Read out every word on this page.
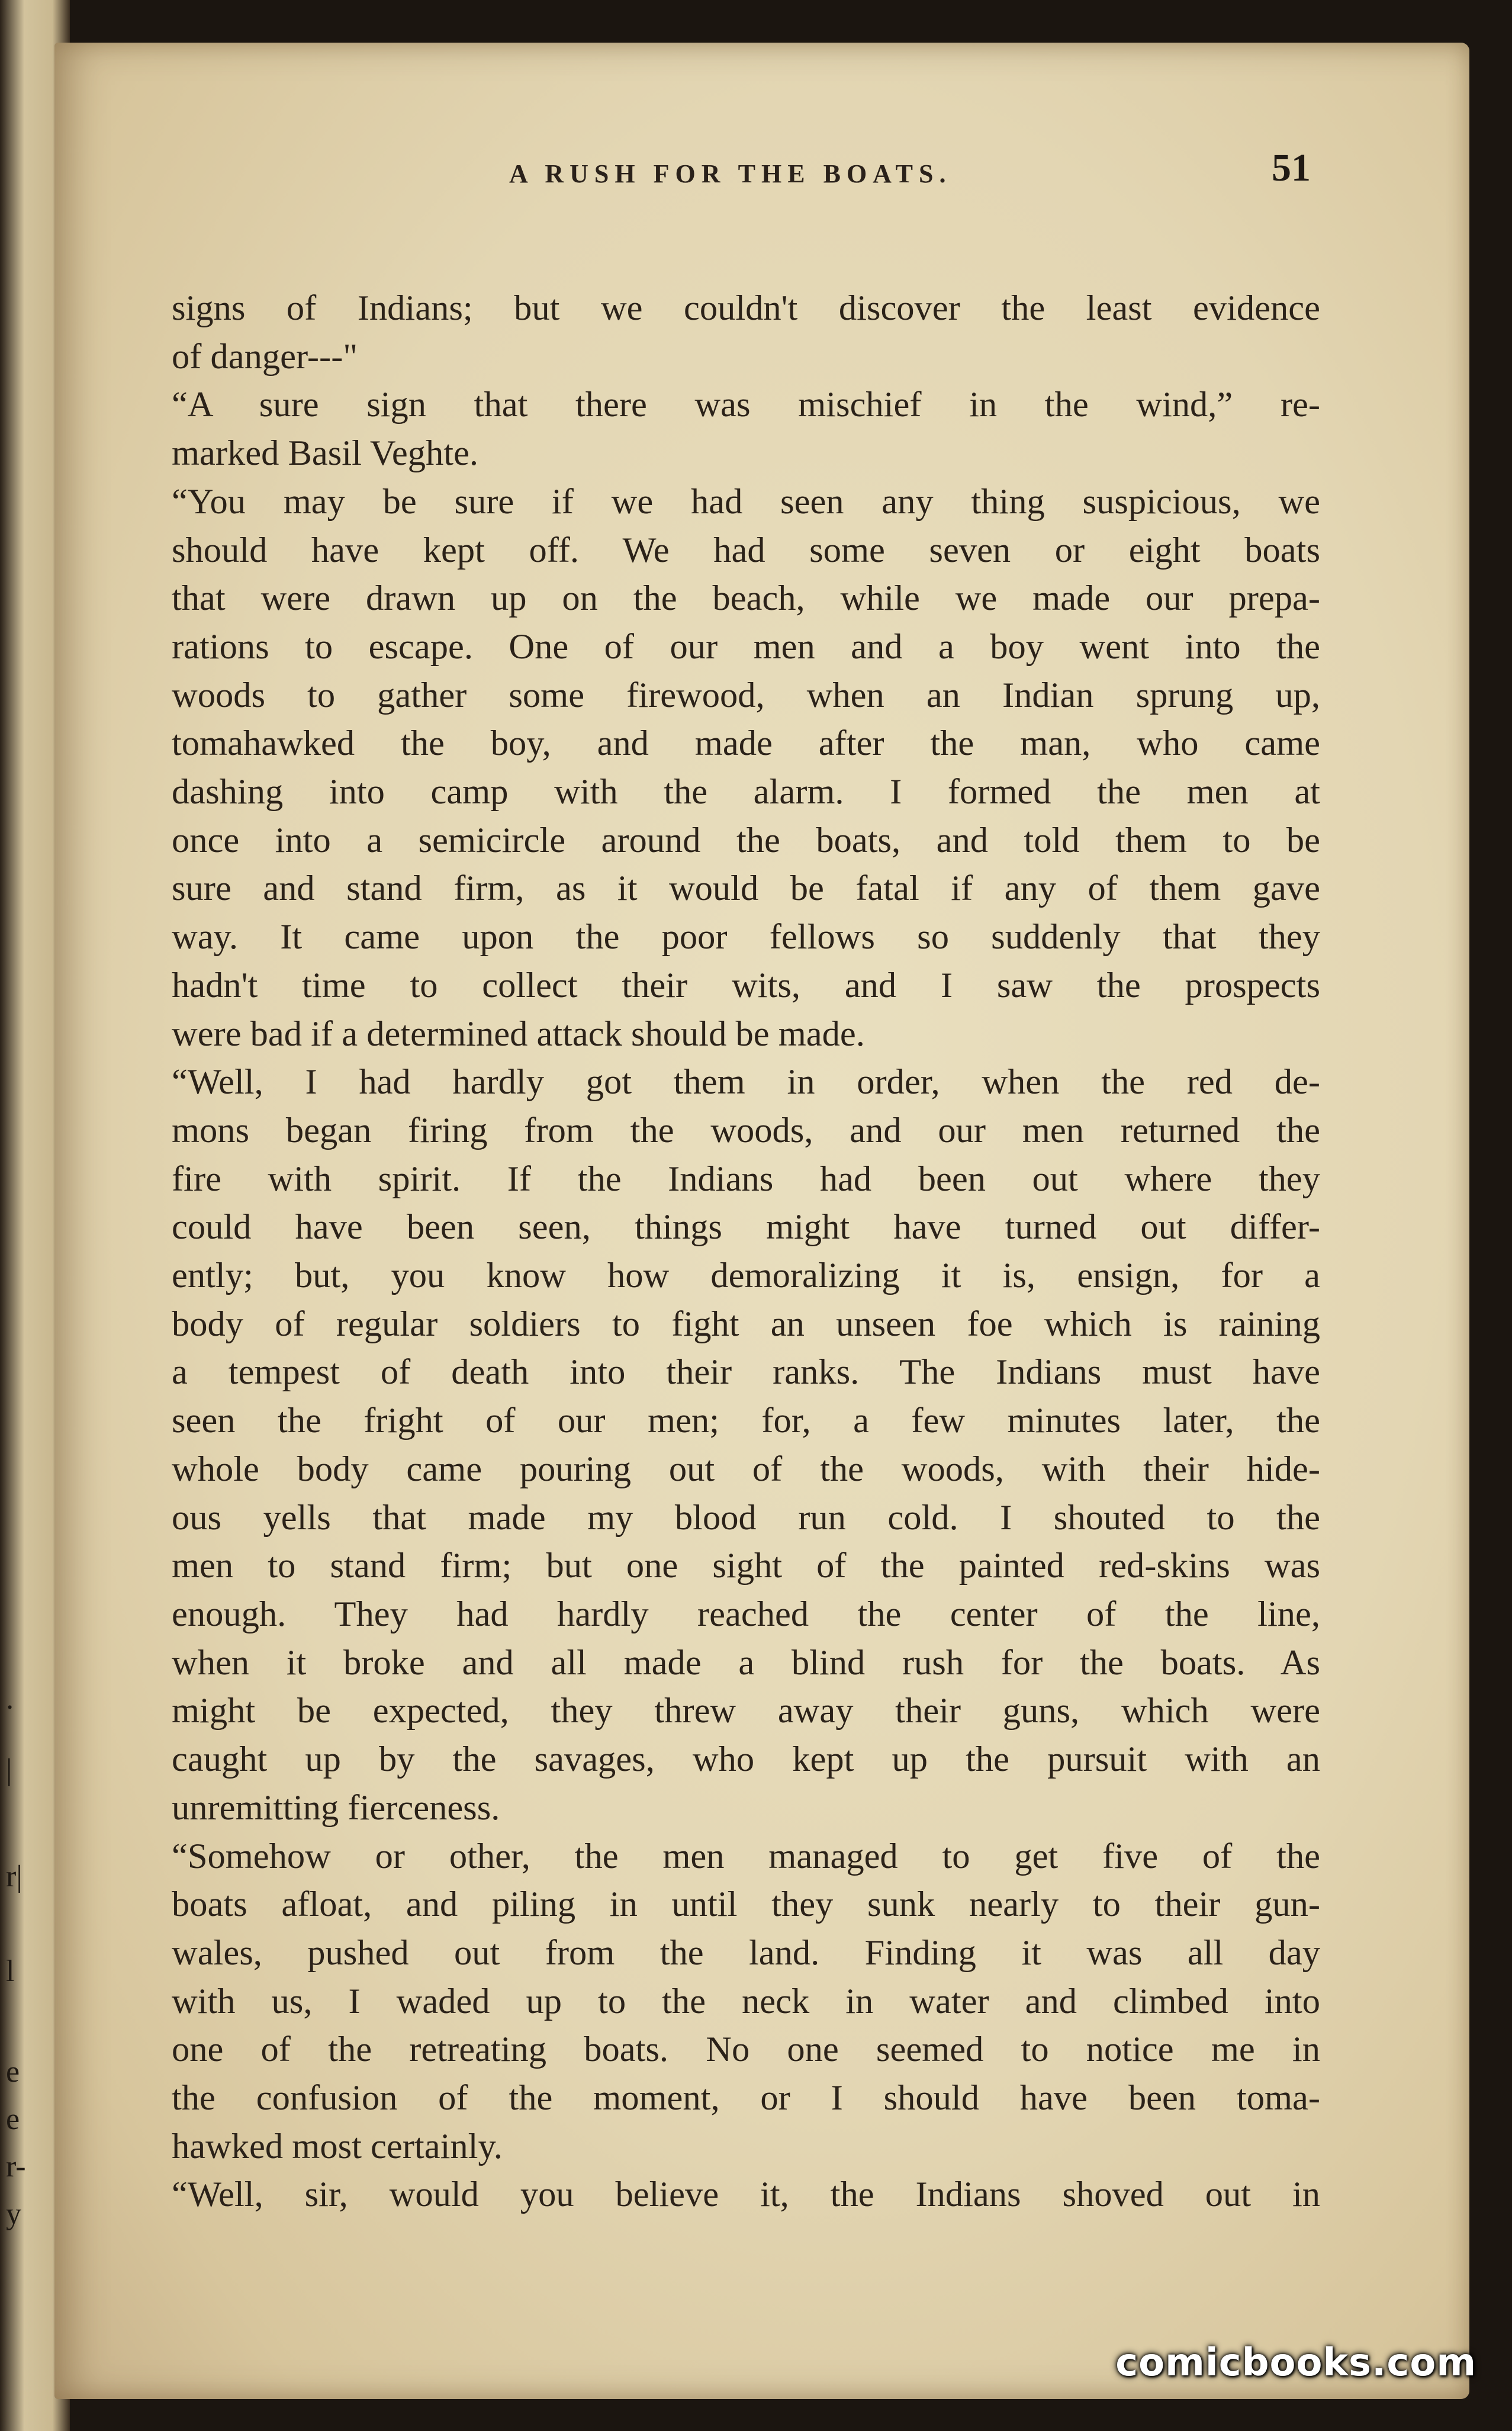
.
|
r|
l
e
e
r-
y
A RUSH FOR THE BOATS.	51
signs of Indians; but we couldn't discover the least evidence
of danger---"
“A sure sign that there was mischief in the wind,” re-
marked Basil Veghte.
“You may be sure if we had seen any thing suspicious, we
should have kept off. We had some seven or eight boats
that were drawn up on the beach, while we made our prepa-
rations to escape. One of our men and a boy went into the
woods to gather some firewood, when an Indian sprung up,
tomahawked the boy, and made after the man, who came
dashing into camp with the alarm. I formed the men at
once into a semicircle around the boats, and told them to be
sure and stand firm, as it would be fatal if any of them gave
way. It came upon the poor fellows so suddenly that they
hadn't time to collect their wits, and I saw the prospects
were bad if a determined attack should be made.
“Well, I had hardly got them in order, when the red de-
mons began firing from the woods, and our men returned the
fire with spirit. If the Indians had been out where they
could have been seen, things might have turned out differ-
ently; but, you know how demoralizing it is, ensign, for a
body of regular soldiers to fight an unseen foe which is raining
a tempest of death into their ranks. The Indians must have
seen the fright of our men; for, a few minutes later, the
whole body came pouring out of the woods, with their hide-
ous yells that made my blood run cold. I shouted to the
men to stand firm; but one sight of the painted red-skins was
enough. They had hardly reached the center of the line,
when it broke and all made a blind rush for the boats. As
might be expected, they threw away their guns, which were
caught up by the savages, who kept up the pursuit with an
unremitting fierceness.
“Somehow or other, the men managed to get five of the
boats afloat, and piling in until they sunk nearly to their gun-
wales, pushed out from the land. Finding it was all day
with us, I waded up to the neck in water and climbed into
one of the retreating boats. No one seemed to notice me in
the confusion of the moment, or I should have been toma-
hawked most certainly.
“Well, sir, would you believe it, the Indians shoved out in
comicbooks.com
